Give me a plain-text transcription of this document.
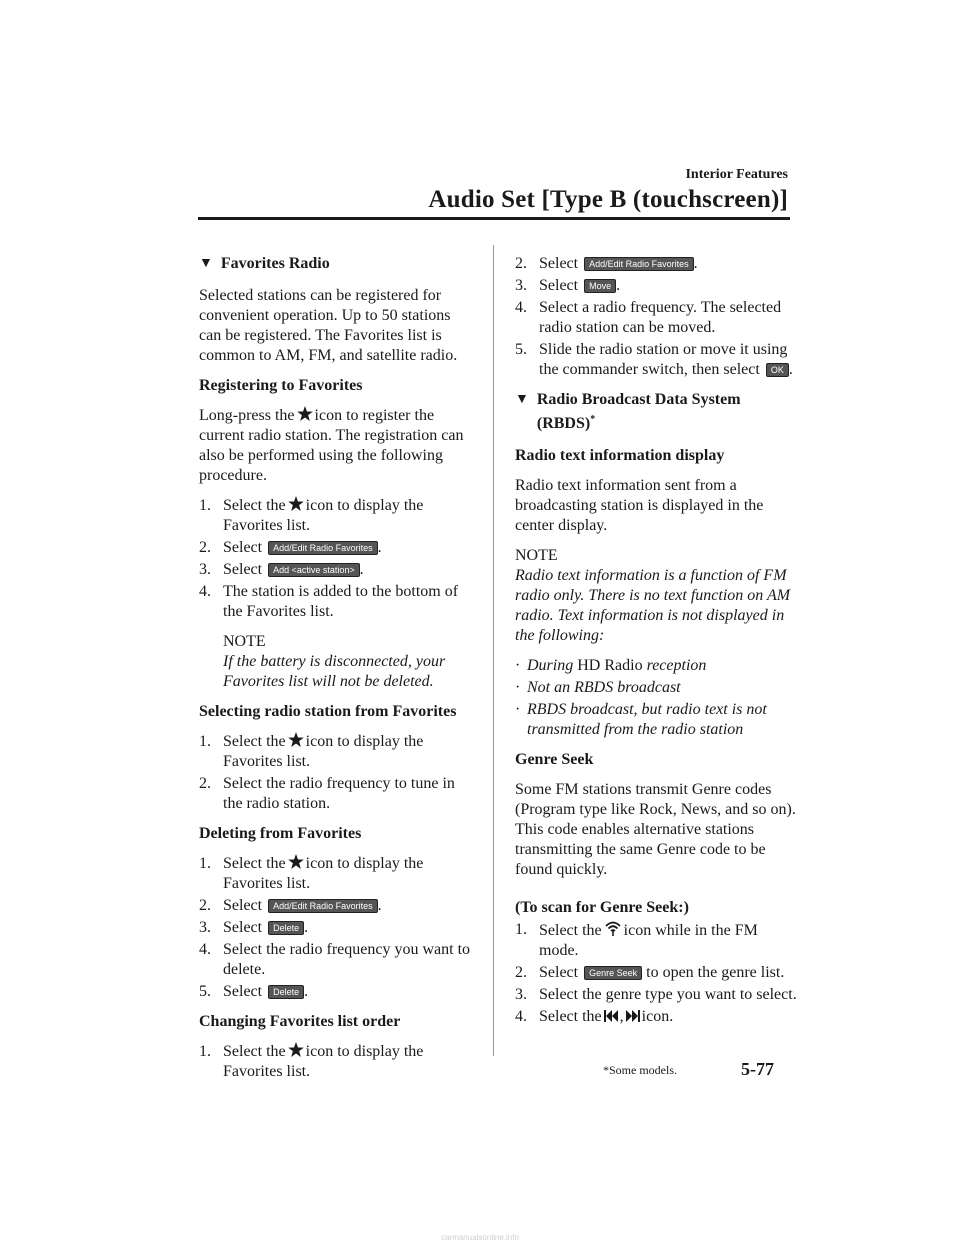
Interior Features
Audio Set [Type B (touchscreen)]
▼ Favorites Radio

Selected stations can be registered for convenient operation. Up to 50 stations can be registered. The Favorites list is common to AM, FM, and satellite radio.

Registering to Favorites

Long-press the icon to register the current radio station. The registration can also be performed using the following procedure.

1. Select the icon to display the Favorites list.
2. Select Add/Edit Radio Favorites .
3. Select Add <active station> .
4. The station is added to the bottom of the Favorites list.

NOTE

If the battery is disconnected, your Favorites list will not be deleted.

Selecting radio station from Favorites
1. Select the icon to display the Favorites list.
2. Select the radio frequency to tune in the radio station.
Deleting from Favorites
1. Select the icon to display the Favorites list.
2. Select Add/Edit Radio Favorites .
3. Select Delete .
4. Select the radio frequency you want to delete.
5. Select Delete .
Changing Favorites list order
1. Select the icon to display the Favorites list.
2. Select Add/Edit Radio Favorites .
3. Select Move .
4. Select a radio frequency. The selected radio station can be moved.
5. Slide the radio station or move it using the commander switch, then select OK .
▼ Radio Broadcast Data System (RBDS)*
Radio text information display

Radio text information sent from a broadcasting station is displayed in the center display.

NOTE

Radio text information is a function of FM radio only. There is no text function on AM radio. Text information is not displayed in the following:

· During HD Radio reception
· Not an RBDS broadcast
· RBDS broadcast, but radio text is not transmitted from the radio station
Genre Seek

Some FM stations transmit Genre codes (Program type like Rock, News, and so on). This code enables alternative stations transmitting the same Genre code to be found quickly.

(To scan for Genre Seek:)
1. Select the icon while in the FM mode.
2. Select Genre Seek to open the genre list.
3. Select the genre type you want to select.
4. Select the , icon.
*Some models.	5-77
carmanualsonline.info
